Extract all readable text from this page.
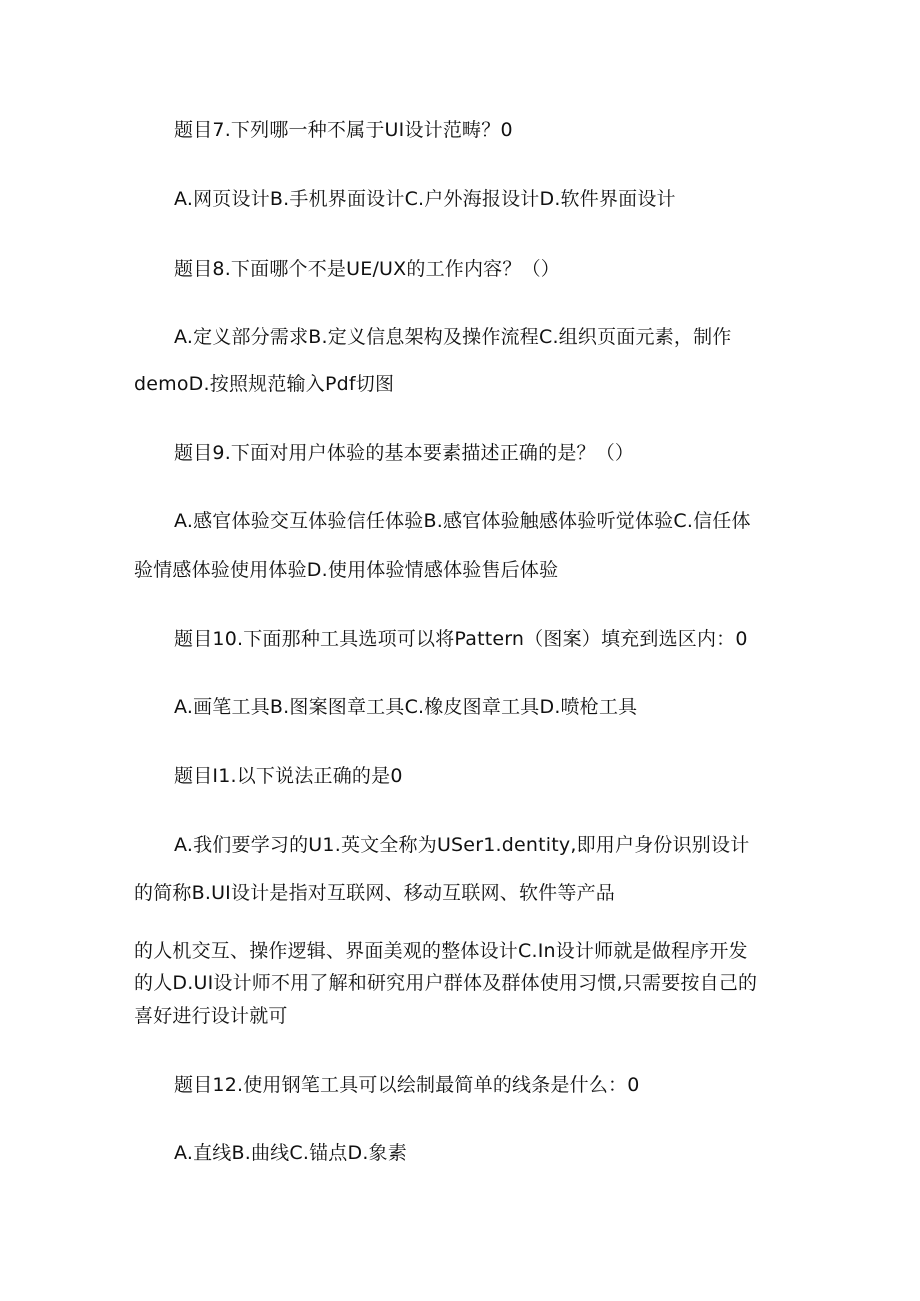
题目7.下列哪一种不属于UI设计范畴？0
A.网页设计B.手机界面设计C.户外海报设计D.软件界面设计
题目8.下面哪个不是UE/UX的工作内容？（）
A.定义部分需求B.定义信息架构及操作流程C.组织页面元素，制作
demoD.按照规范输入Pdf切图
题目9.下面对用户体验的基本要素描述正确的是？（）
A.感官体验交互体验信任体验B.感官体验触感体验听觉体验C.信任体
验情感体验使用体验D.使用体验情感体验售后体验
题目10.下面那种工具选项可以将Pattern（图案）填充到选区内：0
A.画笔工具B.图案图章工具C.橡皮图章工具D.喷枪工具
题目I1.以下说法正确的是0
A.我们要学习的U1.英文全称为USer1.dentity,即用户身份识别设计
的简称B.UI设计是指对互联网、移动互联网、软件等产品
的人机交互、操作逻辑、界面美观的整体设计C.In设计师就是做程序开发
的人D.UI设计师不用了解和研究用户群体及群体使用习惯,只需要按自己的
喜好进行设计就可
题目12.使用钢笔工具可以绘制最简单的线条是什么：0
A.直线B.曲线C.锚点D.象素
